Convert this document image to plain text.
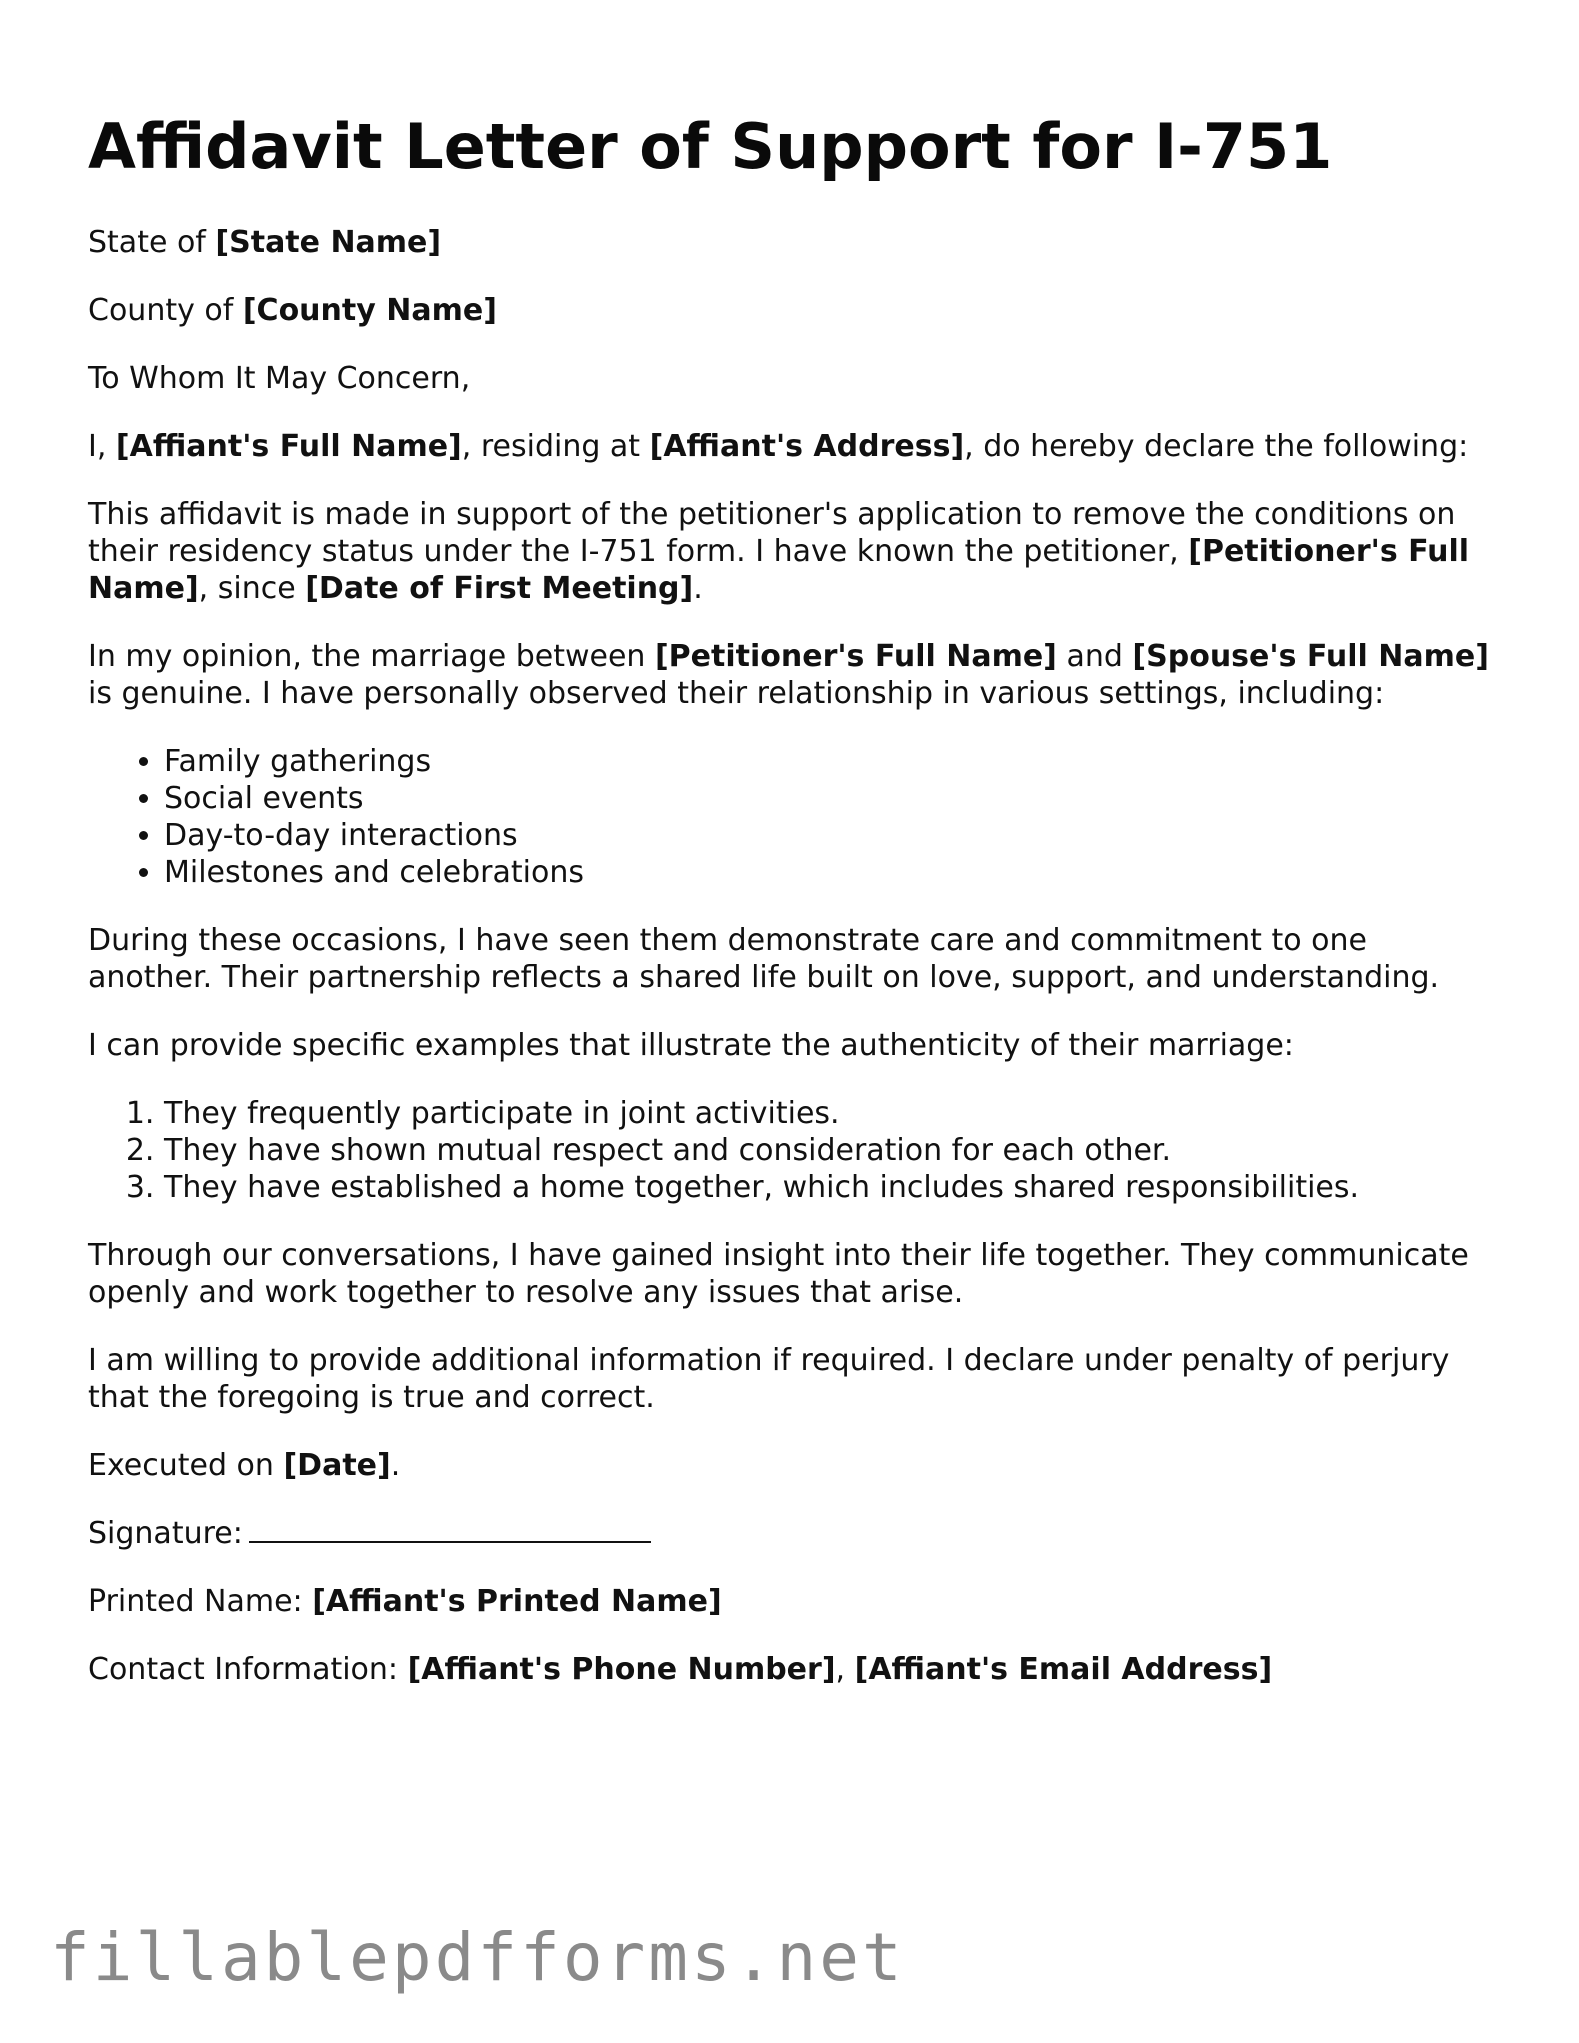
Affidavit Letter of Support for I-751

State of [State Name]

County of [County Name]

To Whom It May Concern,

I, [Affiant's Full Name], residing at [Affiant's Address], do hereby declare the following:

This affidavit is made in support of the petitioner's application to remove the conditions on their residency status under the I-751 form. I have known the petitioner, [Petitioner's Full Name], since [Date of First Meeting].

In my opinion, the marriage between [Petitioner's Full Name] and [Spouse's Full Name] is genuine. I have personally observed their relationship in various settings, including:

• Family gatherings
• Social events
• Day-to-day interactions
• Milestones and celebrations

During these occasions, I have seen them demonstrate care and commitment to one another. Their partnership reflects a shared life built on love, support, and understanding.

I can provide specific examples that illustrate the authenticity of their marriage:

1. They frequently participate in joint activities.
2. They have shown mutual respect and consideration for each other.
3. They have established a home together, which includes shared responsibilities.

Through our conversations, I have gained insight into their life together. They communicate openly and work together to resolve any issues that arise.

I am willing to provide additional information if required. I declare under penalty of perjury that the foregoing is true and correct.

Executed on [Date].

Signature:

Printed Name: [Affiant's Printed Name]

Contact Information: [Affiant's Phone Number], [Affiant's Email Address]

fillablepdfforms.net
